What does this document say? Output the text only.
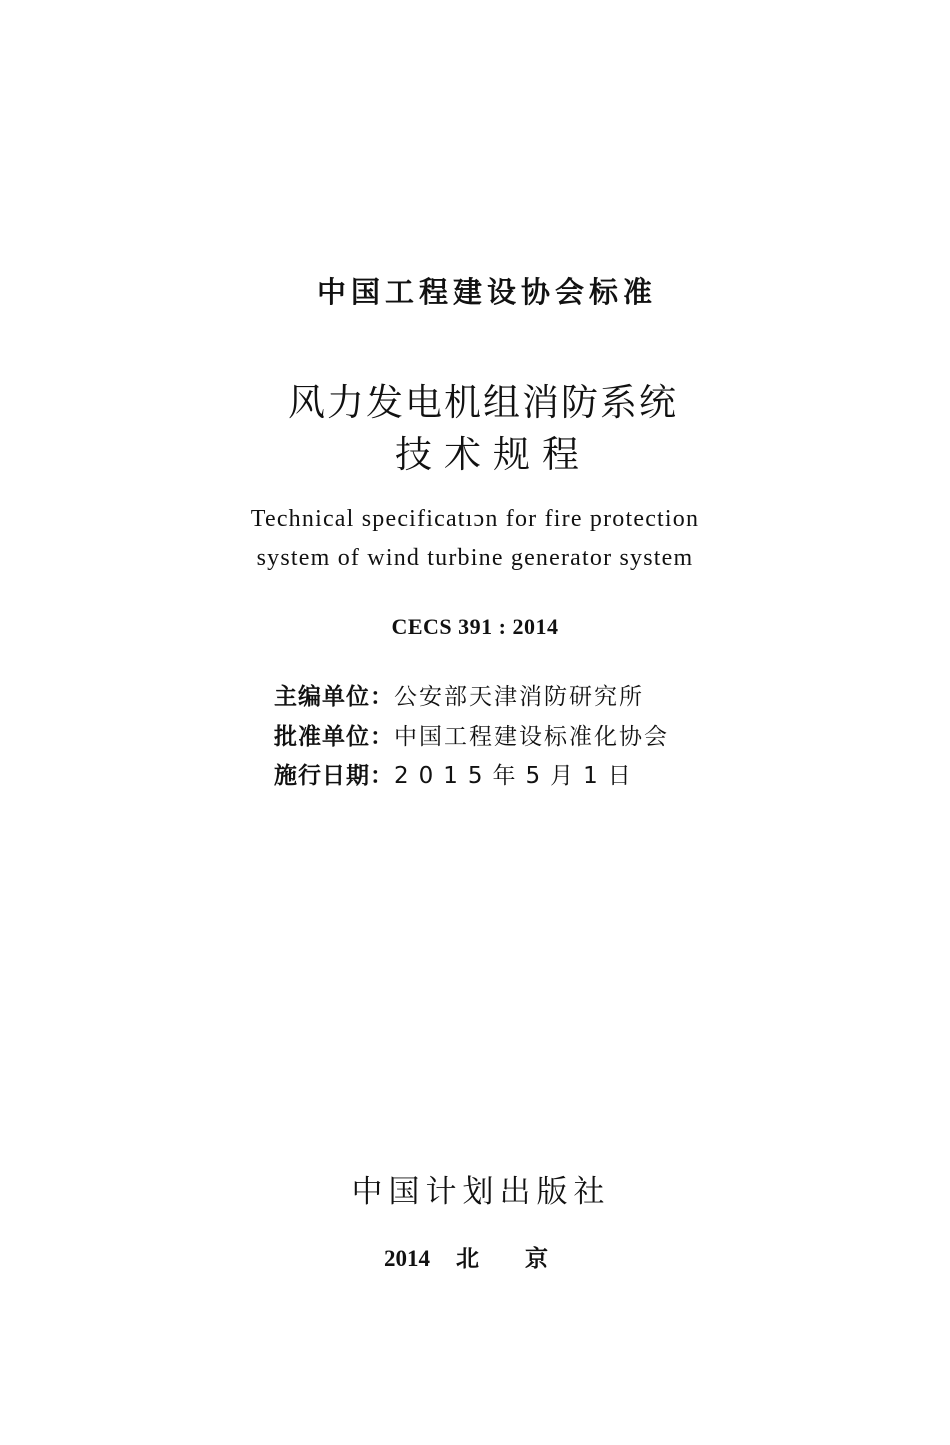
中国工程建设协会标准
风力发电机组消防系统
技术规程
Technical specificatıɔn for fire protection
system of wind turbine generator system
CECS 391 : 2014
主编单位： 公安部天津消防研究所
批准单位： 中国工程建设标准化协会
施行日期： 2015年5月1日
中国计划出版社
2014 北京
